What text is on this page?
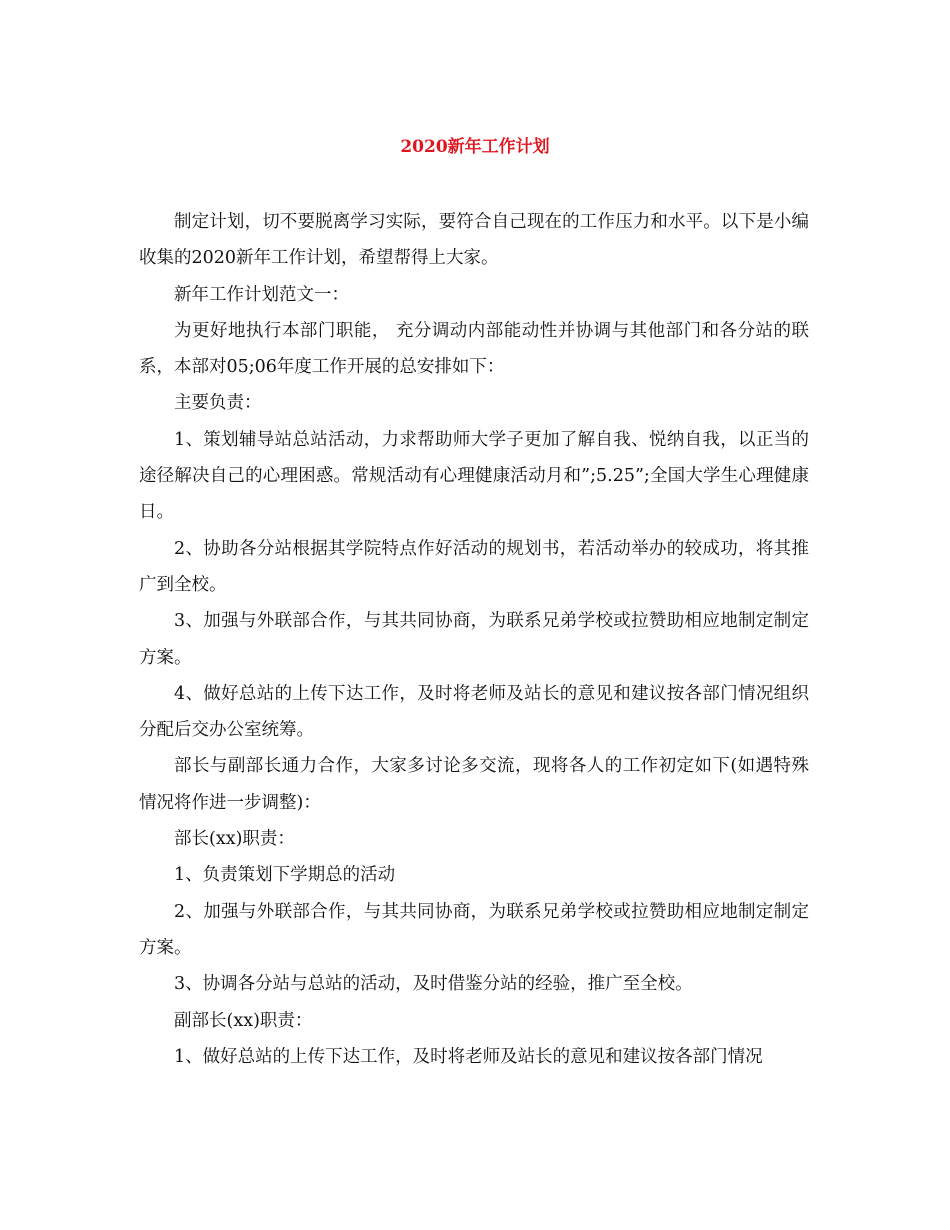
2020新年工作计划

制定计划，切不要脱离学习实际，要符合自己现在的工作压力和水平。以下是小编收集的2020新年工作计划，希望帮得上大家。

新年工作计划范文一：

为更好地执行本部门职能， 充分调动内部能动性并协调与其他部门和各分站的联系，本部对05;06年度工作开展的总安排如下：

主要负责：

1、策划辅导站总站活动，力求帮助师大学子更加了解自我、悦纳自我，以正当的途径解决自己的心理困惑。常规活动有心理健康活动月和”;5.25”;全国大学生心理健康日。

2、协助各分站根据其学院特点作好活动的规划书，若活动举办的较成功，将其推广到全校。

3、加强与外联部合作，与其共同协商，为联系兄弟学校或拉赞助相应地制定制定方案。

4、做好总站的上传下达工作，及时将老师及站长的意见和建议按各部门情况组织分配后交办公室统筹。

部长与副部长通力合作，大家多讨论多交流，现将各人的工作初定如下(如遇特殊情况将作进一步调整)：

部长(xx)职责：

1、负责策划下学期总的活动

2、加强与外联部合作，与其共同协商，为联系兄弟学校或拉赞助相应地制定制定方案。

3、协调各分站与总站的活动，及时借鉴分站的经验，推广至全校。

副部长(xx)职责：

1、做好总站的上传下达工作，及时将老师及站长的意见和建议按各部门情况
